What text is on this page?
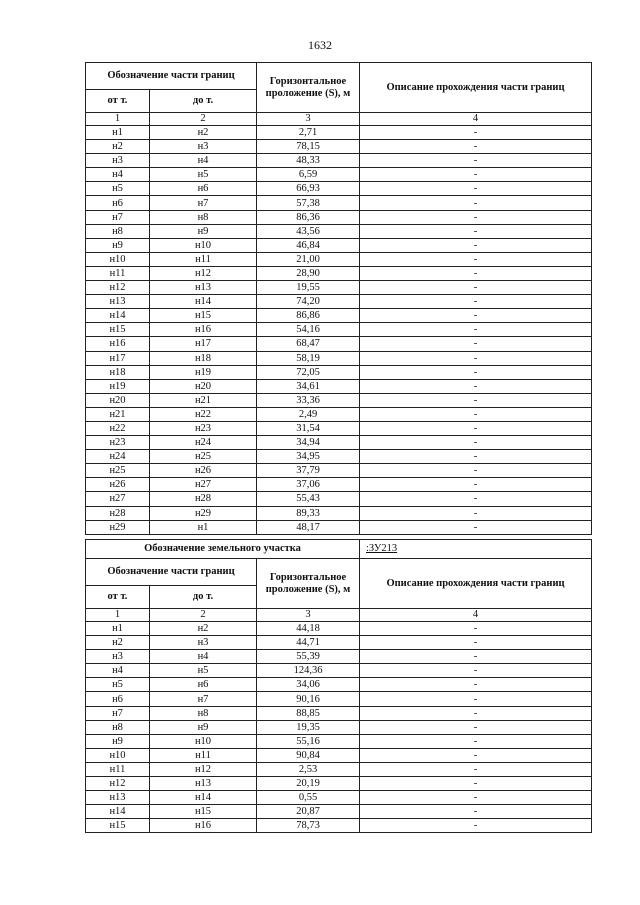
1632
Обозначение части границ		Горизонтальное проложение (S), м	Описание прохождения части границ
от т.	до т.		
1	2	3	4
н1	н2	2,71	-
н2	н3	78,15	-
н3	н4	48,33	-
н4	н5	6,59	-
н5	н6	66,93	-
н6	н7	57,38	-
н7	н8	86,36	-
н8	н9	43,56	-
н9	н10	46,84	-
н10	н11	21,00	-
н11	н12	28,90	-
н12	н13	19,55	-
н13	н14	74,20	-
н14	н15	86,86	-
н15	н16	54,16	-
н16	н17	68,47	-
н17	н18	58,19	-
н18	н19	72,05	-
н19	н20	34,61	-
н20	н21	33,36	-
н21	н22	2,49	-
н22	н23	31,54	-
н23	н24	34,94	-
н24	н25	34,95	-
н25	н26	37,79	-
н26	н27	37,06	-
н27	н28	55,43	-
н28	н29	89,33	-
н29	н1	48,17	-
Обозначение земельного участка			:ЗУ213
Обозначение части границ		Горизонтальное проложение (S), м	Описание прохождения части границ
от т.	до т.		
1	2	3	4
н1	н2	44,18	-
н2	н3	44,71	-
н3	н4	55,39	-
н4	н5	124,36	-
н5	н6	34,06	-
н6	н7	90,16	-
н7	н8	88,85	-
н8	н9	19,35	-
н9	н10	55,16	-
н10	н11	90,84	-
н11	н12	2,53	-
н12	н13	20,19	-
н13	н14	0,55	-
н14	н15	20,87	-
н15	н16	78,73	-
